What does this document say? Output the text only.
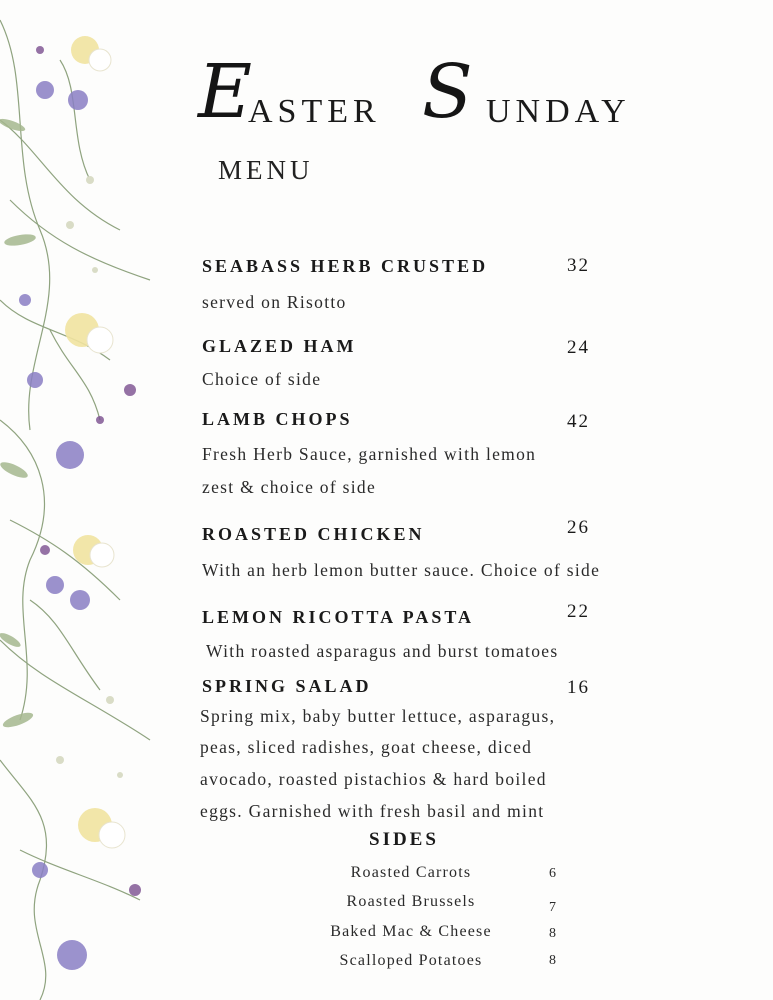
E
ASTER S UNDAY
MENU
SEABASS HERB CRUSTED	32
served on Risotto
GLAZED HAM	24
Choice of side
LAMB CHOPS	42
Fresh Herb Sauce, garnished with lemon
zest & choice of side
ROASTED CHICKEN	26
With an herb lemon butter sauce. Choice of side
LEMON RICOTTA PASTA	22
With roasted asparagus and burst tomatoes
SPRING SALAD	16
Spring mix, baby butter lettuce, asparagus,
peas, sliced radishes, goat cheese, diced
avocado, roasted pistachios & hard boiled
eggs. Garnished with fresh basil and mint
SIDES
Roasted Carrots	6
Roasted Brussels	7
Baked Mac & Cheese	8
Scalloped Potatoes	8
